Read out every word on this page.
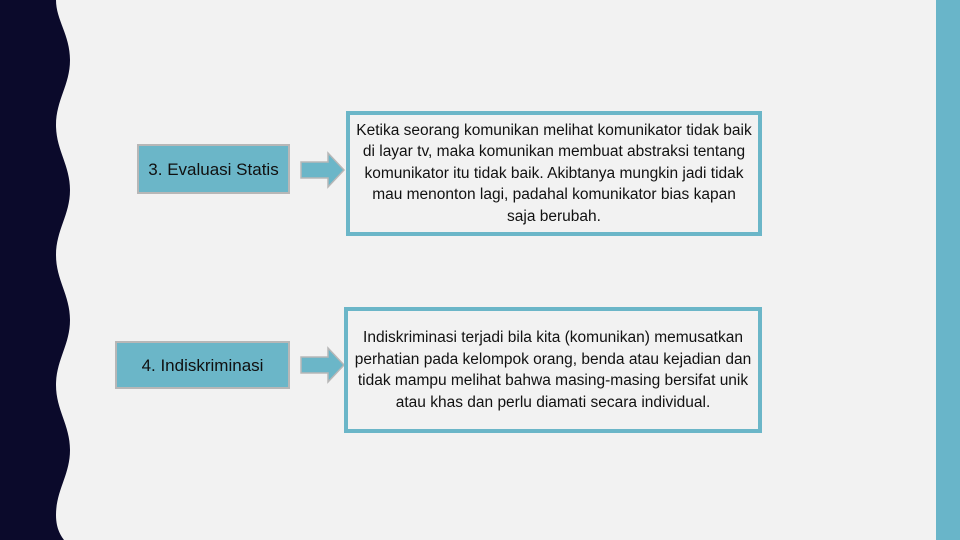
3. Evaluasi Statis
Ketika seorang komunikan melihat komunikator tidak baik di layar tv, maka komunikan membuat abstraksi tentang komunikator itu tidak baik. Akibtanya mungkin jadi tidak mau menonton lagi, padahal komunikator bias kapan saja berubah.
4. Indiskriminasi
Indiskriminasi terjadi bila kita (komunikan) memusatkan perhatian pada kelompok orang, benda atau kejadian dan tidak mampu melihat bahwa masing-masing bersifat unik atau khas dan perlu diamati secara individual.
